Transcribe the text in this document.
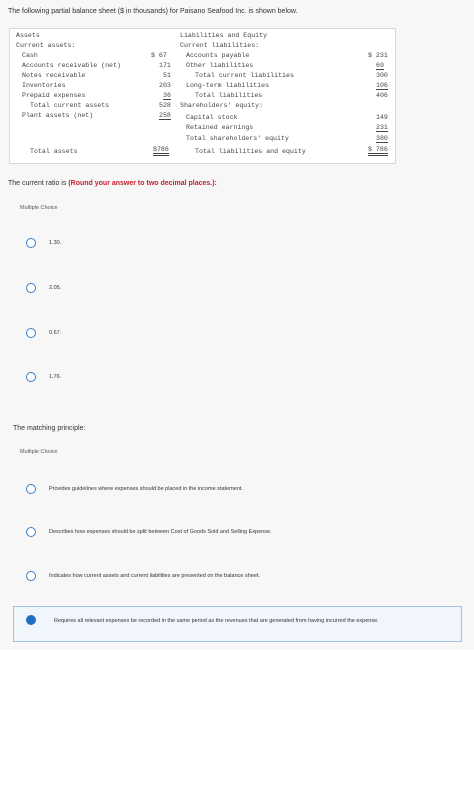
The following partial balance sheet ($ in thousands) for Paisano Seafood Inc. is shown below.
Assets
Current assets:
Cash	$ 67
Accounts receivable (net)	171
Notes receivable	51
Inventories	203
Prepaid expenses	36
Total current assets	528
Plant assets (net)	258
Total assets	$786
Liabilities and Equity
Current liabilities:
Accounts payable	$ 231
Other liabilities	69
Total current liabilities	300
Long-term liabilities	106
Total liabilities	406
Shareholders' equity:
Capital stock	149
Retained earnings	231
Total shareholders' equity	380
Total liabilities and equity	$ 786
The current ratio is (Round your answer to two decimal places.):
Multiple Choice
1.30.
2.05.
0.67.
1.76.
The matching principle:
Multiple Choice
Provides guidelines where expenses should be placed in the income statement.
Describes how expenses should be split between Cost of Goods Sold and Selling Expense.
Indicates how current assets and current liabilities are presented on the balance sheet.
Requires all relevant expenses be recorded in the same period as the revenues that are generated from having incurred the expense.
